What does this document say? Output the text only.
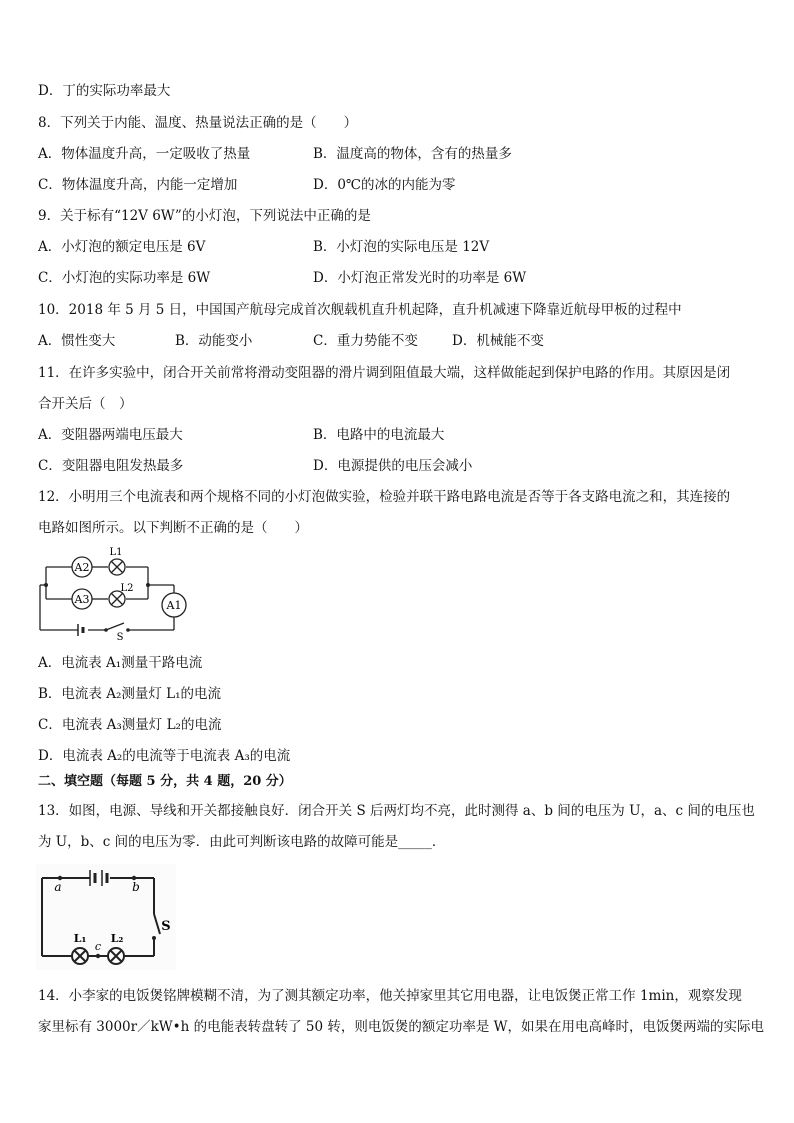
D．丁的实际功率最大
8．下列关于内能、温度、热量说法正确的是（　　）
A．物体温度升高，一定吸收了热量	B．温度高的物体，含有的热量多
C．物体温度升高，内能一定增加	D．0℃的冰的内能为零
9．关于标有“12V 6W”的小灯泡，下列说法中正确的是
A．小灯泡的额定电压是 6V	B．小灯泡的实际电压是 12V
C．小灯泡的实际功率是 6W	D．小灯泡正常发光时的功率是 6W
10．2018 年 5 月 5 日，中国国产航母完成首次舰载机直升机起降，直升机减速下降靠近航母甲板的过程中
A．惯性变大	B．动能变小	C．重力势能不变	D．机械能不变
11．在许多实验中，闭合开关前常将滑动变阻器的滑片调到阻值最大端，这样做能起到保护电路的作用。其原因是闭
合开关后（　）
A．变阻器两端电压最大	B．电路中的电流最大
C．变阻器电阻发热最多	D．电源提供的电压会减小
12．小明用三个电流表和两个规格不同的小灯泡做实验，检验并联干路电路电流是否等于各支路电流之和，其连接的
电路如图所示。以下判断不正确的是（　　）
A2
A3	A1
L1
L2
S
A．电流表 A₁测量干路电流
B．电流表 A₂测量灯 L₁的电流
C．电流表 A₃测量灯 L₂的电流
D．电流表 A₂的电流等于电流表 A₃的电流
二、填空题（每题 5 分，共 4 题，20 分）
13．如图，电源、导线和开关都接触良好．闭合开关 S 后两灯均不亮，此时测得 a、b 间的电压为 U，a、c 间的电压也
为 U，b、c 间的电压为零．由此可判断该电路的故障可能是_____．
a	b
c
L₁ L₂
S
14．小李家的电饭煲铭牌模糊不清，为了测其额定功率，他关掉家里其它用电器，让电饭煲正常工作 1min，观察发现
家里标有 3000r／kW•h 的电能表转盘转了 50 转，则电饭煲的额定功率是 W，如果在用电高峰时，电饭煲两端的实际电
